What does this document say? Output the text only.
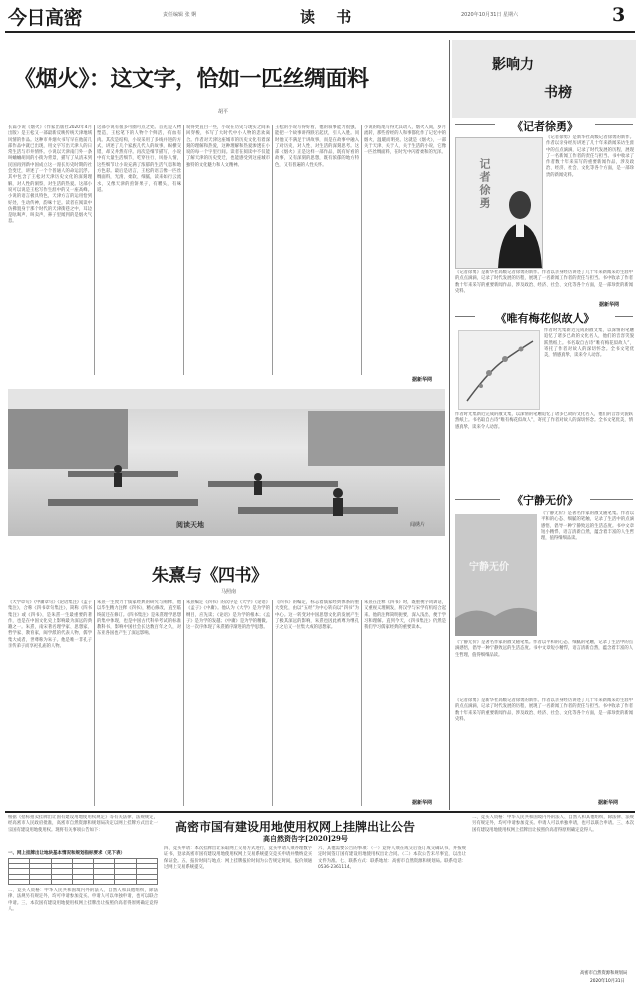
今日高密	责任编辑 张 婀	读 书	2020年10月31日 星期六	3
《烟火》：这文字，恰如一匹丝绸面料
胡平
影响力
书榜
长篇小说《烟火》（作家出版社2020年4月出版）是王松又一部最新反映传统天津地域风情的作品。这种市井烟火书写早在他前几部作品中就已出现，用文字写出天津人的日常生活与市井情怀。小说以天津南门外一条叫蛐蛐胡同的小街为背景，描写了从清末到民国再到新中国成立这一漫长历史时期的社会变迁，讲述了一个个普通人的命运沉浮。其中包含了王松对天津历史文化的深刻理解，对人性的洞察，对生活的热爱。这部小说可以说是王松写作生涯中的又一座高峰。小说的语言极具特色，天津方言的运用恰到好处，生动传神，韵味十足。读者在阅读中仿佛置身于那个时代的天津街巷之中，耳边是吆喝声、叫卖声，鼻子里闻到的是烟火气息。
这部小说有很多可圈可点之处。首先是人物塑造，王松笔下的人物个个鲜活，有血有肉。其次是结构，小说采用了多线并进的方式，讲述了几个家族几代人的故事，纵横交错，却又井然有序。再次是细节描写，小说中有大量生活细节，吃穿住行、风俗人情，这些细节让小说充满了浓郁的生活气息和地方色彩。最后是语言，王松的语言像一匹丝绸面料，光滑、柔软、细腻，读来如行云流水，又像天津的煎饼果子，有嚼头，有味道。
说得更直白一些，小说在历史与现实之间来回穿梭，书写了大时代中小人物的悲欢离合。作者对天津这座城市的历史文化有着深刻的理解和热爱，这种理解和热爱渗透在小说的每一个字里行间。读者在阅读中不仅能了解天津的历史变迁，也能感受到这座城市独特的文化魅力和人文精神。
王松的小说写得好看，他的叙事能力很强，能把一个故事讲得跌宕起伏，引人入胜。同时他又不满足于讲故事，而是在故事中融入了对历史、对人性、对生活的深刻思考。这部《烟火》正是这样一部作品，既有好看的故事，又有深刻的思想，既有浓郁的地方特色，又有普遍的人性关怀。
小说的结尾写得尤其动人，烟火人间，岁月流转，那些曾经的人和事都化作了记忆中的烟火，温暖而明亮。这就是《烟火》，一部关于天津、关于人、关于生活的小说，它像一匹丝绸面料，在时光中闪着柔和的光泽。
据新华网
《记者徐勇》
记者徐勇
《记者徐勇》是新华社高级记者徐勇的新作。作者以亲身经历讲述了几十年来新闻采访生涯中的点点滴滴，记录了时代发展的历程，展现了一名新闻工作者的责任与担当。书中收录了作者数十年来采写的重要新闻作品，涉及政治、经济、社会、文化等各个方面，是一部珍贵的新闻史料。
《记者徐勇》是新华社高级记者徐勇的新作。作者以亲身经历讲述了几十年来新闻采访生涯中的点点滴滴，记录了时代发展的历程，展现了一名新闻工作者的责任与担当。书中收录了作者数十年来采写的重要新闻作品，涉及政治、经济、社会、文化等各个方面，是一部珍贵的新闻史料。
据新华网
《唯有梅花似故人》
作者时光集新近完成的散文集，以深情的笔触追忆了诸多已故的文化名人，他们的音容笑貌跃然纸上。书名取自古诗“唯有梅花似故人”，寄托了作者对故人的深切怀念。全书文笔优美，情感真挚，读来令人动容。
作者时光集新近完成的散文集，以深情的笔触追忆了诸多已故的文化名人，他们的音容笑貌跃然纸上。书名取自古诗“唯有梅花似故人”，寄托了作者对故人的深切怀念。全书文笔优美，情感真挚，读来令人动容。
《宁静无价》
宁静无价
《宁静无价》是著名作家的散文随笔集。作者以平和的心态、细腻的笔触，记录了生活中的点滴感悟，倡导一种宁静致远的生活态度。书中文章短小精悍，语言清新自然，蕴含着丰富的人生哲理，值得细细品读。
《宁静无价》是著名作家的散文随笔集。作者以平和的心态、细腻的笔触，记录了生活中的点滴感悟，倡导一种宁静致远的生活态度。书中文章短小精悍，语言清新自然，蕴含着丰富的人生哲理，值得细细品读。
《记者徐勇》是新华社高级记者徐勇的新作。作者以亲身经历讲述了几十年来新闻采访生涯中的点点滴滴，记录了时代发展的历程，展现了一名新闻工作者的责任与担当。书中收录了作者数十年来采写的重要新闻作品，涉及政治、经济、社会、文化等各个方面，是一部珍贵的新闻史料。
据新华网
阅读天地	闻绣片
朱熹与《四书》
马照南
《大学章句》《中庸章句》《论语集注》《孟子集注》，合称《四书章句集注》，简称《四书集注》或《四书》，是朱熹一生最重要的著作，也是在中国文化史上影响最为深远的典籍之一。朱熹，南宋著名理学家、思想家、哲学家、教育家，闽学派的代表人物，儒学集大成者，世尊称为朱子。他是唯一非孔子亲传弟子而享祀孔庙的人物。
朱熹一生致力于儒家经典的研究与阐释，他以毕生精力注释《四书》，精心修改，直至临终前还在修订。《四书集注》是朱熹理学思想的集中体现，也是中国古代科举考试的标准教科书，影响中国社会长达数百年之久，对东亚各国也产生了深远影响。
朱熹编定《四书》的次序是《大学》《论语》《孟子》《中庸》。他认为《大学》是为学的纲目，应先读；《论语》是为学的根本；《孟子》是为学的发越；《中庸》是为学的精微。这一次序体现了朱熹循序渐进的治学思想。
《四书》的编定，标志着儒家经典体系的重大变化，由以“五经”为中心转向以“四书”为中心。这一转变对中国思想文化的发展产生了极其深远的影响，朱熹也因此被尊为继孔子之后又一位集大成的思想家。
朱熹在注释《四书》时，既重视字词训诂，又重视义理阐发，将汉学与宋学有机结合起来。他的注释简明扼要，深入浅出，便于学习和理解。直到今天，《四书集注》仍然是我们学习儒家经典的重要读本。
据新华网
根据《招标拍卖挂牌出让国有建设用地使用权规定》等有关法律、法规规定，经高密市人民政府批准，高密市自然资源和规划局决定以网上挂牌方式出让一宗国有建设用地使用权。现将有关事项公告如下：	高密市国有建设用地使用权网上挂牌出让公告
高自然资告字[2020]29号
一、网上挂牌出让地块基本情况和规划指标要求（见下表）

二、竞买人资格：中华人民共和国境内外的法人、自然人和其他组织，除法律、法规另有规定外，均可申请参加竞买。申请人可以单独申请，也可以联合申请。三、本次国有建设用地使用权网上挂牌出让按照价高者得原则确定竞得人。
四、竞买申请：本次挂牌出让采取网上交易方式进行，竞买申请人须办理数字证书，登录高密市国有建设用地使用权网上交易系统提交竞买申请并缴纳竞买保证金。五、报价时间与地点：网上挂牌报价时间为公告规定时间，报价须通过网上交易系统提交。
六、其他需要公告的事项：（一）竞得人须在成交后签订成交确认书，并按规定时间签订国有建设用地使用权出让合同。（二）本次公告未尽事宜，以出让文件为准。七、联系方式：联系地址：高密市自然资源和规划局。联系电话：0536-2361114。
二、竞买人资格：中华人民共和国境内外的法人、自然人和其他组织，除法律、法规另有规定外，均可申请参加竞买。申请人可以单独申请，也可以联合申请。三、本次国有建设用地使用权网上挂牌出让按照价高者得原则确定竞得人。
高密市自然资源和规划局
2020年10月31日
